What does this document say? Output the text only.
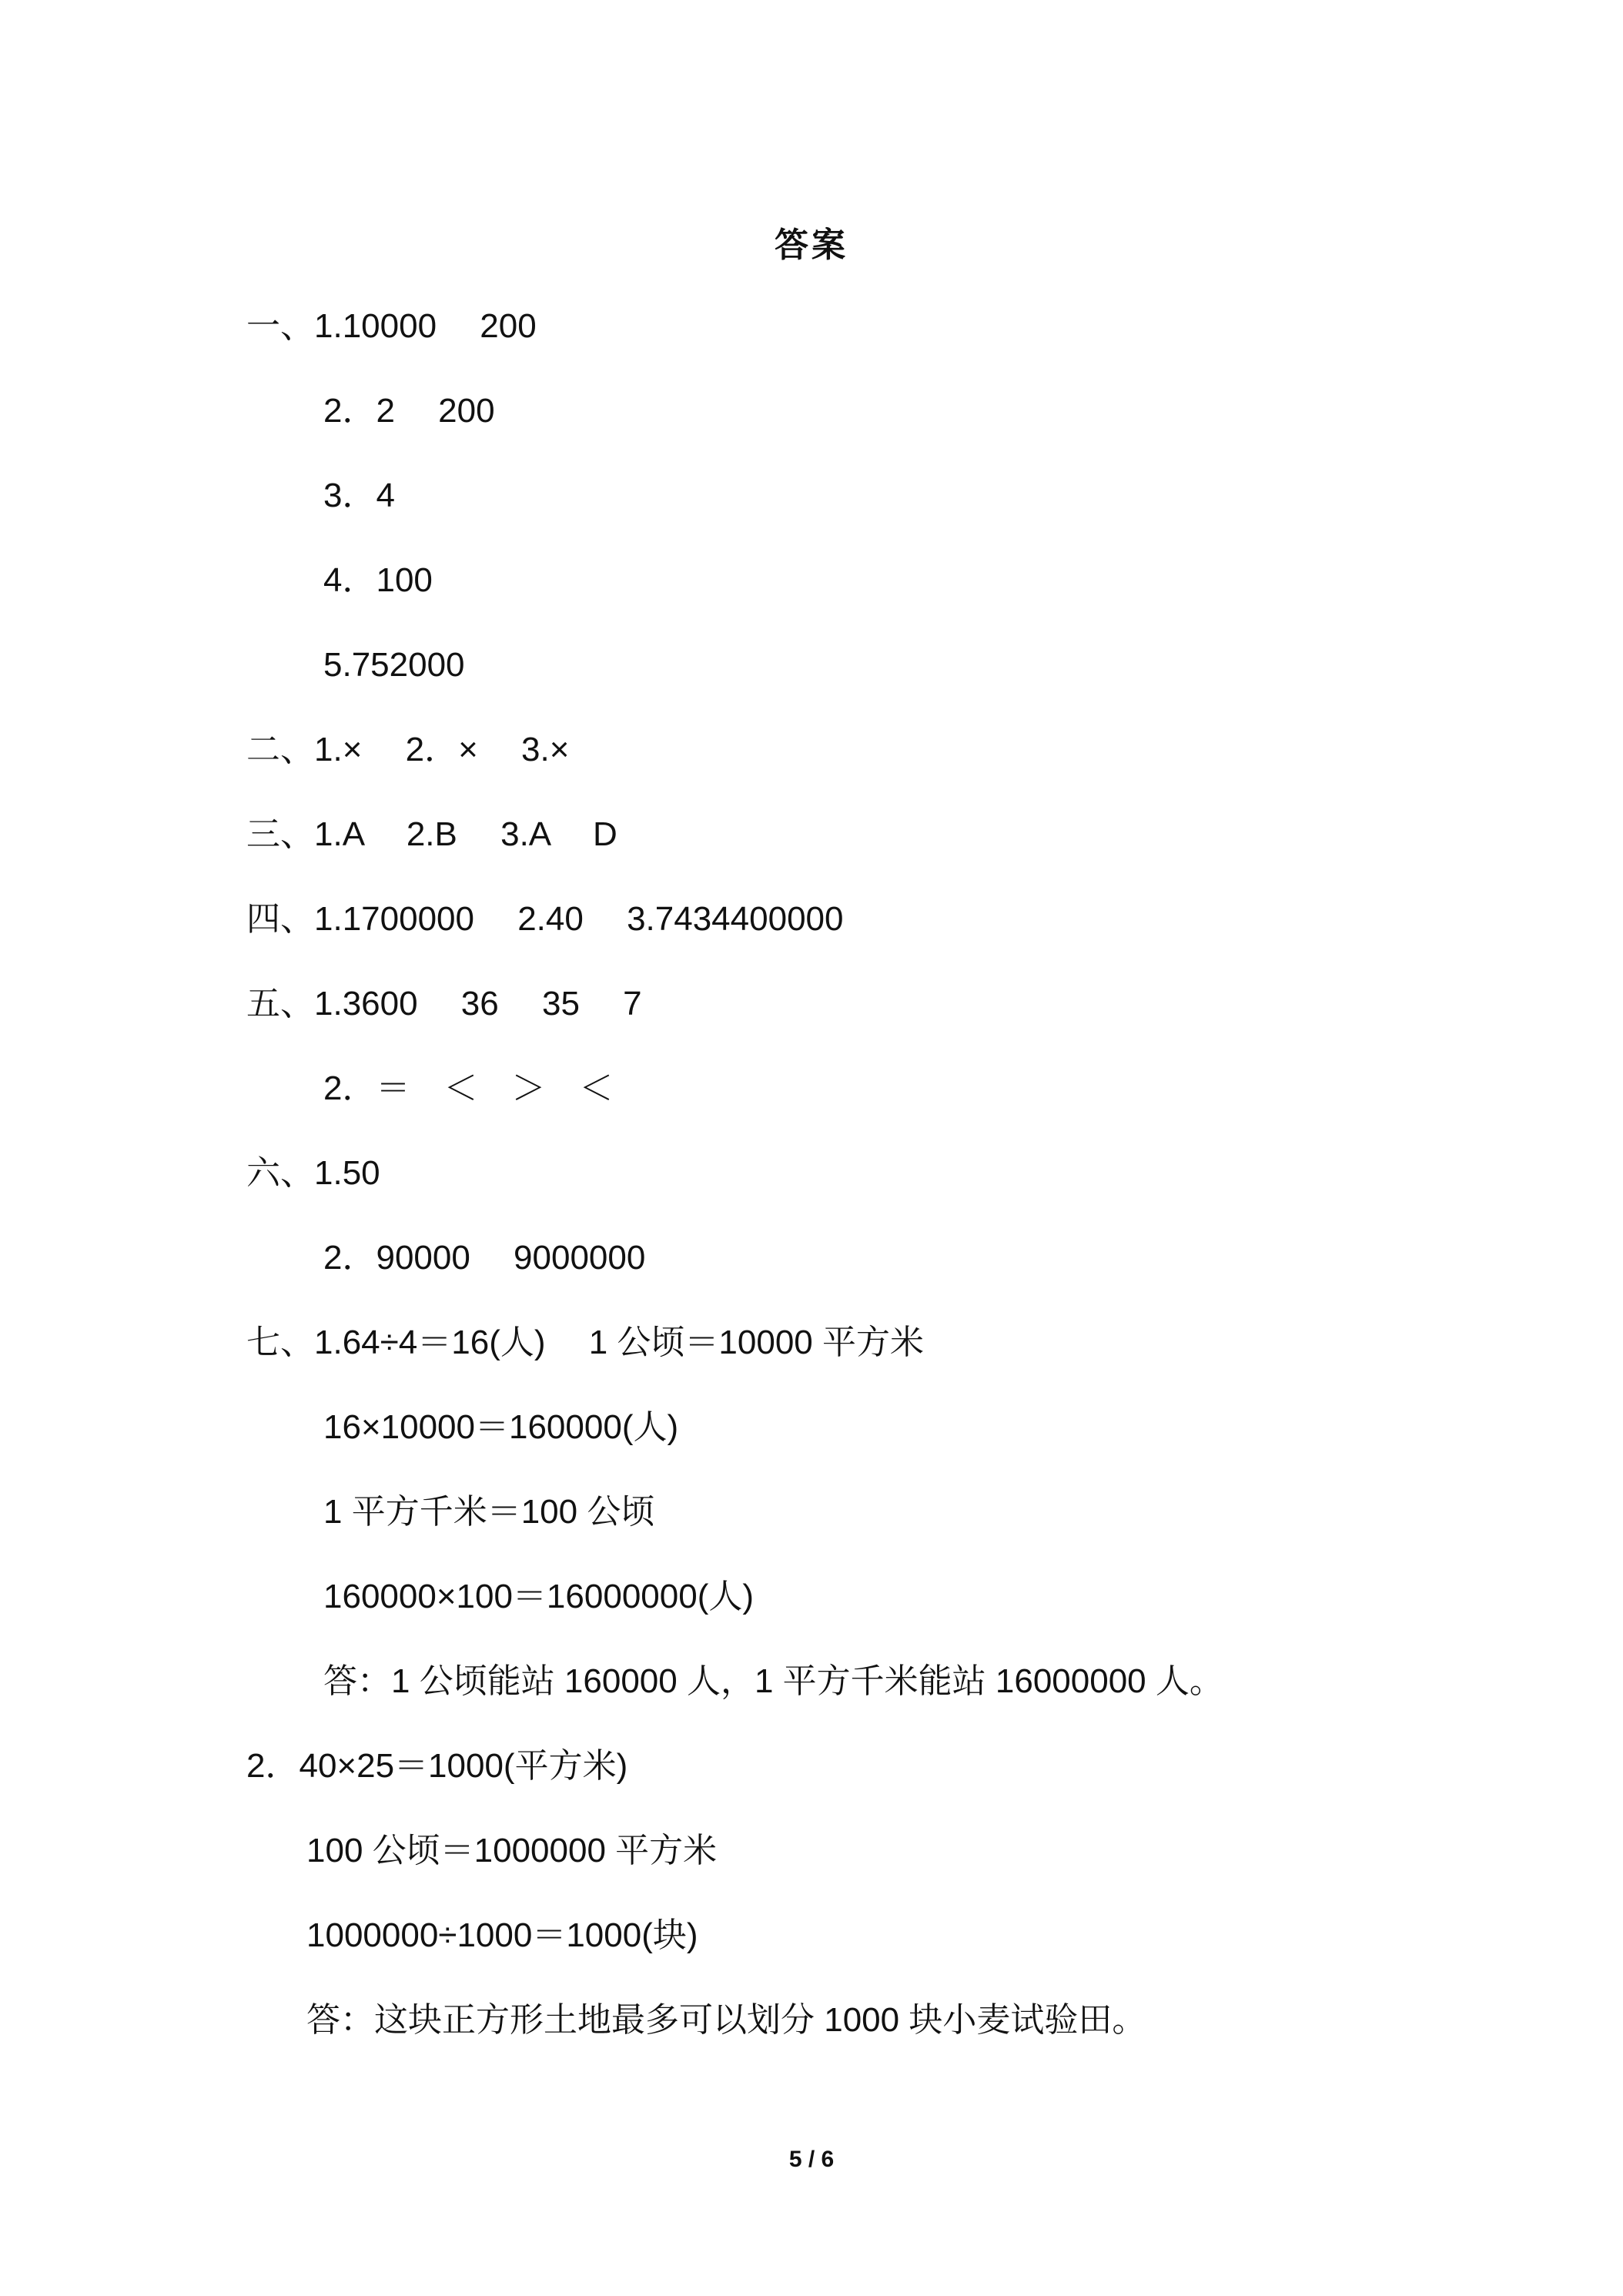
答案
一、1.10000　 200
2．2　 200
3．4
4．100
5.752000
二、1.×　 2．×　 3.×
三、1.A　 2.B　 3.A　 D
四、1.1700000　 2.40　 3.7434400000
五、1.3600　 36　 35　 7
2．＝　＜　＞　＜
六、1.50
2．90000　 9000000
七、1.64÷4＝16(人)　 1 公顷＝10000 平方米
16×10000＝160000(人)
1 平方千米＝100 公顷
160000×100＝16000000(人)
答：1 公顷能站 160000 人，1 平方千米能站 16000000 人。
2．40×25＝1000(平方米)
100 公顷＝1000000 平方米
1000000÷1000＝1000(块)
答：这块正方形土地最多可以划分 1000 块小麦试验田。
5 / 6
